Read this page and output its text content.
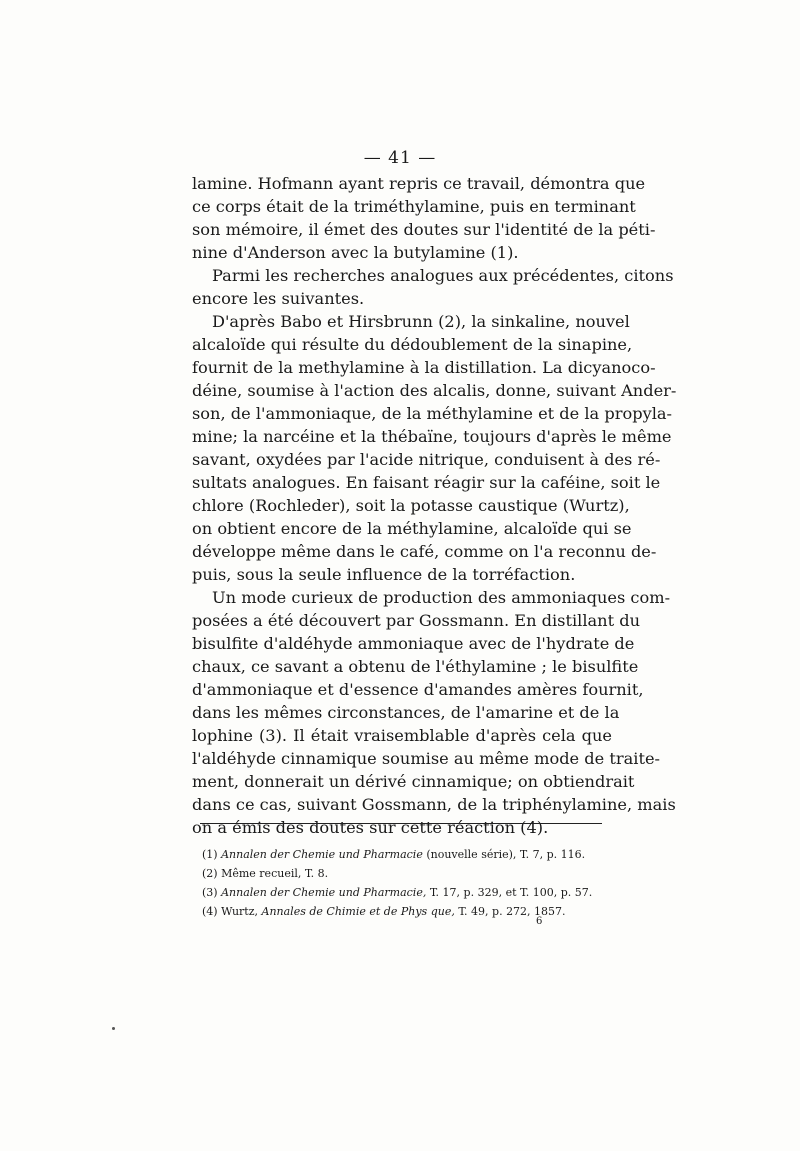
— 41 —
lamine. Hofmann ayant repris ce travail, démontra que
ce corps était de la triméthylamine, puis en terminant
son mémoire, il émet des doutes sur l'identité de la péti-
nine d'Anderson avec la butylamine (1).
Parmi les recherches analogues aux précédentes, citons
encore les suivantes.
D'après Babo et Hirsbrunn (2), la sinkaline, nouvel
alcaloïde qui résulte du dédoublement de la sinapine,
fournit de la methylamine à la distillation. La dicyanoco-
déine, soumise à l'action des alcalis, donne, suivant Ander-
son, de l'ammoniaque, de la méthylamine et de la propyla-
mine; la narcéine et la thébaïne, toujours d'après le même
savant, oxydées par l'acide nitrique, conduisent à des ré-
sultats analogues. En faisant réagir sur la caféine, soit le
chlore (Rochleder), soit la potasse caustique (Wurtz),
on obtient encore de la méthylamine, alcaloïde qui se
développe même dans le café, comme on l'a reconnu de-
puis, sous la seule influence de la torréfaction.
Un mode curieux de production des ammoniaques com-
posées a été découvert par Gossmann. En distillant du
bisulfite d'aldéhyde ammoniaque avec de l'hydrate de
chaux, ce savant a obtenu de l'éthylamine ; le bisulfite
d'ammoniaque et d'essence d'amandes amères fournit,
dans les mêmes circonstances, de l'amarine et de la
lophine (3). Il était vraisemblable d'après cela que
l'aldéhyde cinnamique soumise au même mode de traite-
ment, donnerait un dérivé cinnamique; on obtiendrait
dans ce cas, suivant Gossmann, de la triphénylamine, mais
on a émis des doutes sur cette réaction (4).
(1) Annalen der Chemie und Pharmacie (nouvelle série), T. 7, p. 116.
(2) Même recueil, T. 8.
(3) Annalen der Chemie und Pharmacie, T. 17, p. 329, et T. 100, p. 57.
(4) Wurtz, Annales de Chimie et de Phys que, T. 49, p. 272, 1857.
6
